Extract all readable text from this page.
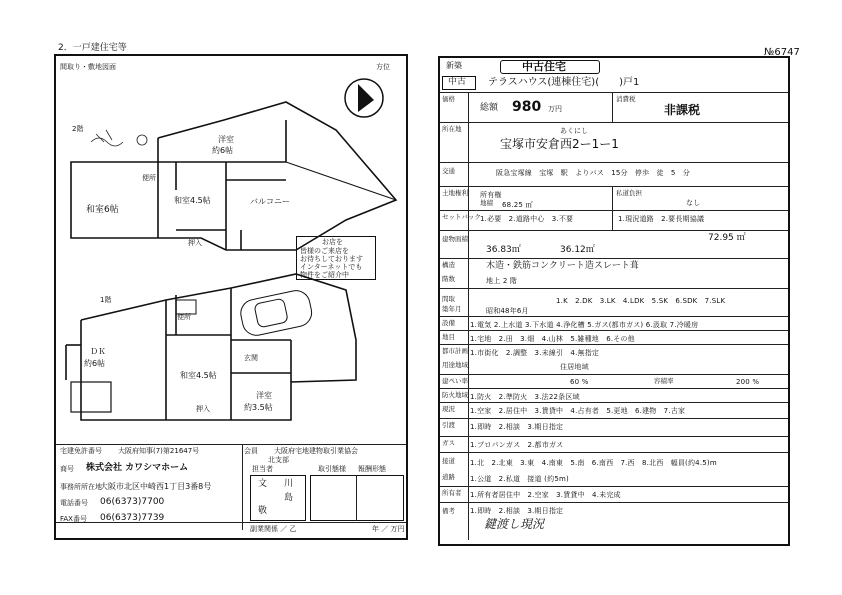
2．一戸建住宅等
間取り・敷地図面	方位
2階
1階
洋室
約6帖
和室6帖
便所
和室4.5帖	バルコニー
押入	お店を
皆様のご来店を
お待ちしております
インターネットでも
物件をご紹介中
便所
ＤＫ
約6帖
和室4.5帖
玄関
押入
洋室
約3.5帖
宅建免許番号 大阪府知事(7)第21647号
商号 株式会社 カワシマホーム
事務所所在地
大阪市北区中崎西1丁目3番8号
電話番号 06(6373)7700
FAX番号 06(6373)7739
会員 大阪府宅地建物取引業協会
北支部
担当者	取引態様 報酬形態
文 川
島
敬
副業関係 ／ 乙	年 ／ 万円
新築
№6747
中古住宅
中古 テラスハウス(連棟住宅)(　　)戸1
価格
総額 980 万円
消費税
非課税
所在地	あくにし
宝塚市安倉西2ー1ー1
交通	阪急宝塚線　宝塚　駅　よりバス　15分　停歩　徒　5　分
土地権利 所有権
地積 68.25 ㎡
私道負担
なし
セットバック 1.必要　2.道路中心　3.不要	1.現況道路　2.要長期協議
建物面積
36.83㎡	36.12㎡
72.95 ㎡
構造	木造・鉄筋コンクリート造スレート葺
階数	地上 2 階
間取	1.K　2.DK　3.LK　4.LDK　5.SK　6.SDK　7.SLK
築年月	昭和48年6月
設備 1.電気 2.上水道 3.下水道 4.浄化槽 5.ガス(都市ガス) 6.汲取 7.冷暖房
地目 1.宅地　2.田　3.畑　4.山林　5.雑種地　6.その他
都市計画 1.市街化　2.調整　3.未線引　4.無指定
用途地域	住居地域
建ぺい率	60 %	容積率	200 %
防火地域 1.防火　2.準防火　3.法22条区域
現況 1.空家　2.居住中　3.賃貸中　4.占有者　5.更地　6.建物　7.古家
引渡 1.即時　2.相談　3.期日指定
ガス 1.プロパンガス　2.都市ガス
接道 1.北　2.北東　3.東　4.南東　5.南　6.南西　7.西　8.北西　幅員(約4.5)m
道路 1.公道　2.私道　接道 (約5m)
所有者 1.所有者居住中　2.空家　3.賃貸中　4.未完成
備考 1.即時　2.相談　3.期日指定
鍵渡し現況
